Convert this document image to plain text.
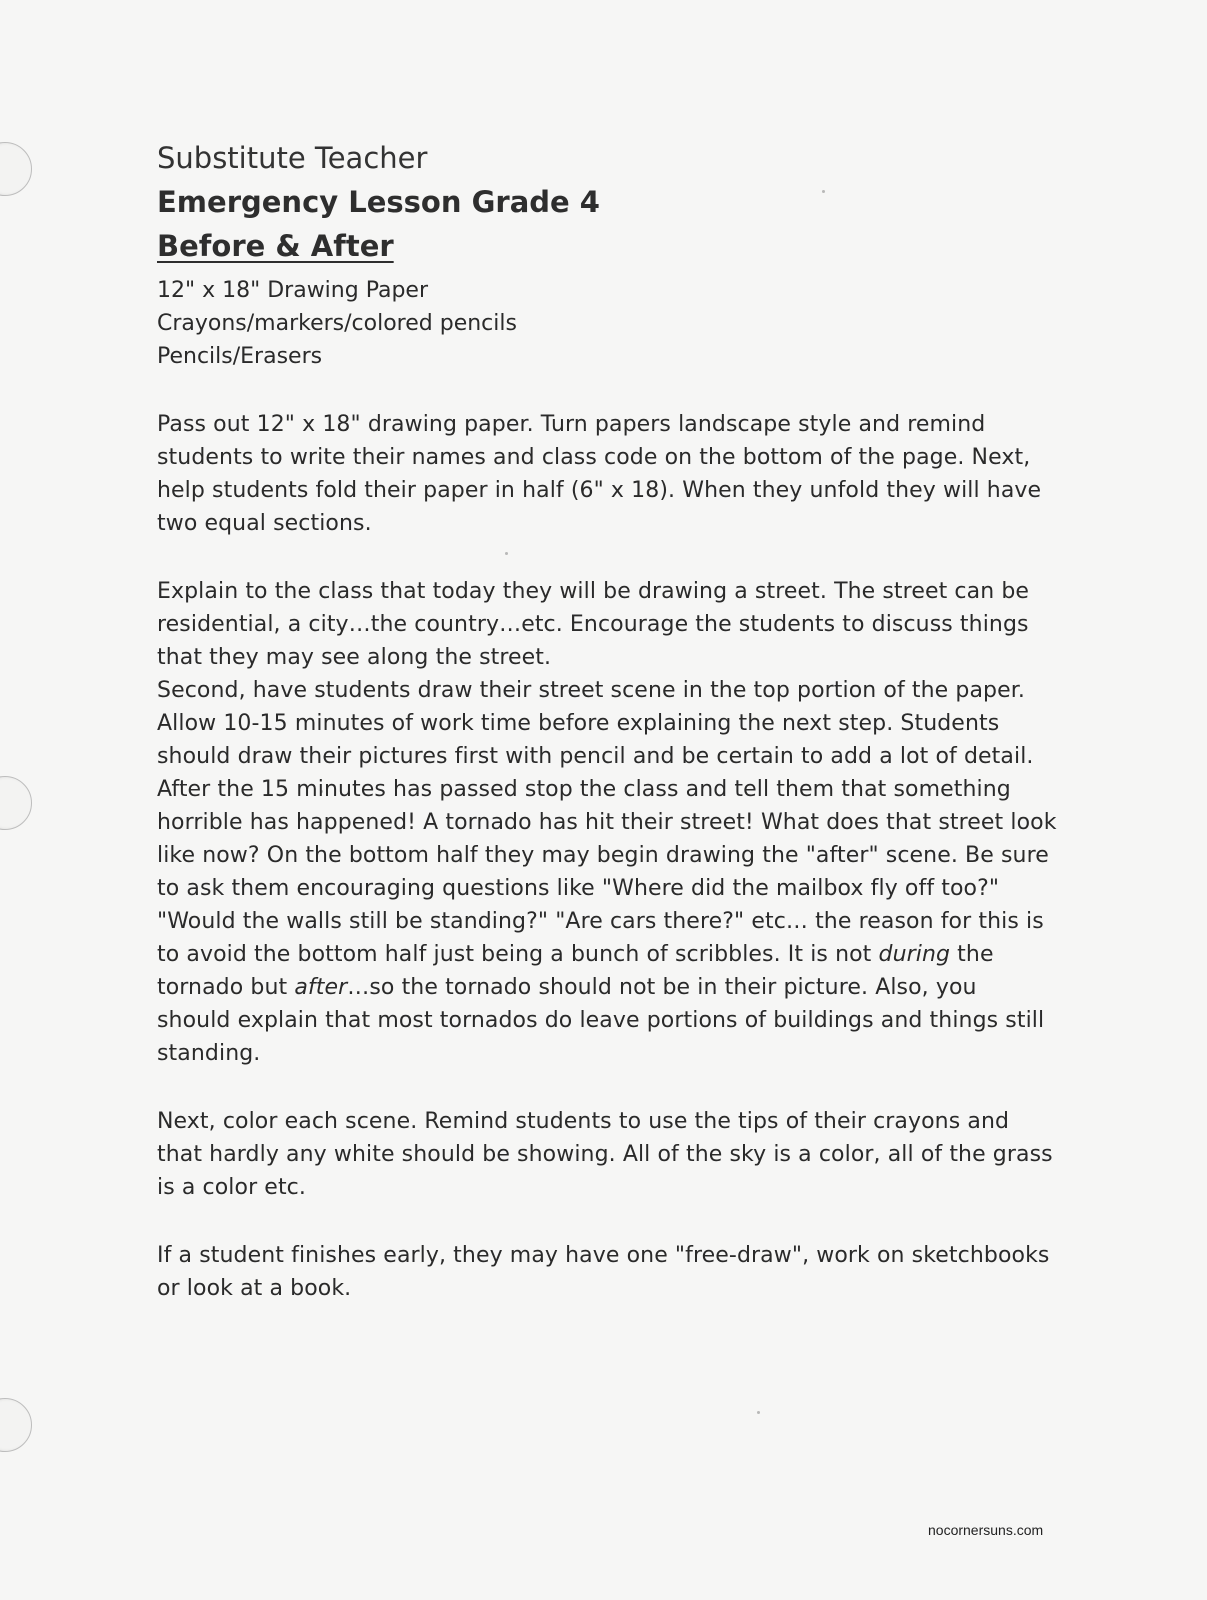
Substitute Teacher
Emergency Lesson Grade 4
Before & After
12" x 18" Drawing Paper
Crayons/markers/colored pencils
Pencils/Erasers

Pass out 12" x 18" drawing paper. Turn papers landscape style and remind students to write their names and class code on the bottom of the page. Next, help students fold their paper in half (6" x 18). When they unfold they will have two equal sections.

Explain to the class that today they will be drawing a street. The street can be residential, a city…the country…etc. Encourage the students to discuss things that they may see along the street.

Second, have students draw their street scene in the top portion of the paper. Allow 10-15 minutes of work time before explaining the next step. Students should draw their pictures first with pencil and be certain to add a lot of detail.

After the 15 minutes has passed stop the class and tell them that something horrible has happened! A tornado has hit their street! What does that street look like now? On the bottom half they may begin drawing the "after" scene. Be sure to ask them encouraging questions like "Where did the mailbox fly off too?" "Would the walls still be standing?" "Are cars there?" etc… the reason for this is to avoid the bottom half just being a bunch of scribbles. It is not during the tornado but after…so the tornado should not be in their picture. Also, you should explain that most tornados do leave portions of buildings and things still standing.

Next, color each scene. Remind students to use the tips of their crayons and that hardly any white should be showing. All of the sky is a color, all of the grass is a color etc.

If a student finishes early, they may have one "free-draw", work on sketchbooks or look at a book.

nocornersuns.com
